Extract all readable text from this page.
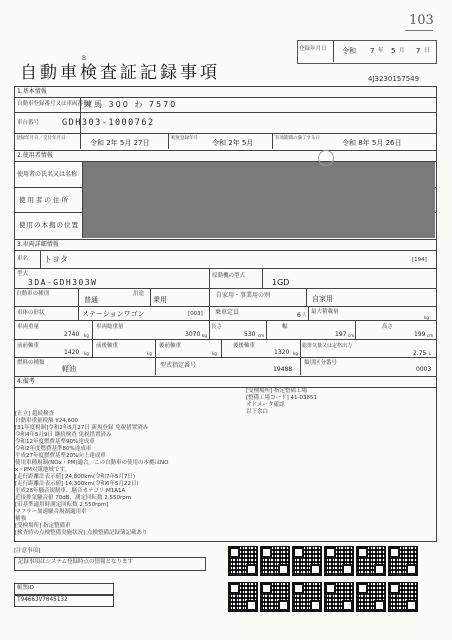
103
登録年月日 令和 7 年 5 月 7 日
B
自動車検査証記録事項	4J3230157549
1.基本情報
自動車登録番号又は車両番号
練馬 300 わ 7570
車台番号	GDH303-1000762
登録年月日／交付年月日
令和 2年 5月 27日
初度登録年月
令和 2年 5月
有効期間の満了する日
令和 8年 5月 26日
2.使用者情報
使用者の氏名又は名称
使用者の住所
使用の本拠の位置
3.車両詳細情報
車名 トヨタ	[194]
型式
3DA-GDH303W
原動機の型式
1GD
自動車の種別
普通
用途
乗用
自家用・事業用の別	自家用
車体の形状	ステーションワゴン	[003] 乗車定員	6 人
最大積載量
kg
車両重量
2740 kg
車両総重量
3070 kg
長さ
530 cm
幅
197 cm
高さ
199 cm
前前軸重
1420 kg
前後軸重
kg
後前軸重
kg
後後軸重
1320 kg
総排気量又は定格出力
2.75 L
燃料の種類
軽油	型式指定番号
19488
類別区分番号
0003
4.備考
[受検場所] 指定整備工場
[整備工場コード] 41-03851
オドメータ確認
以下余白
[正立] 超続検査
自動車重量税額 ¥24,600
[31年度税制]令和2年5月27日 新規登録 免税措置済み
令和4年5月9日 継続検査 免税措置済み
令和12年度燃費基準90%達成車
令和2年度燃費基準80%達成車
平成27年度燃費基準20%向上達成車
使用車種規制(NOx・PM)適合。この自動車の使用の本拠はNO
x・PM対策地域です。
[走行距離計表示値] 24,800km(令和7年5月7日)
[走行距離計表示値] 14,300km(令和6年5月22日)
平成28年騒音規制車、騒音カテゴリ M1A1A
近接排気騒音値 70dB、測定回転数 2,550rpm
[旧基準適用時測定回転数 2,550rpm]
マフラー加速騒音規制適用車
補強
[受検場所] 指定整備車
[検査時の点検整備実施状況] 点検整備記録簿記載あり
[注意事項]
記録事項はシステム登録時点の情報となります
帳票ID
T9466JV7045132
